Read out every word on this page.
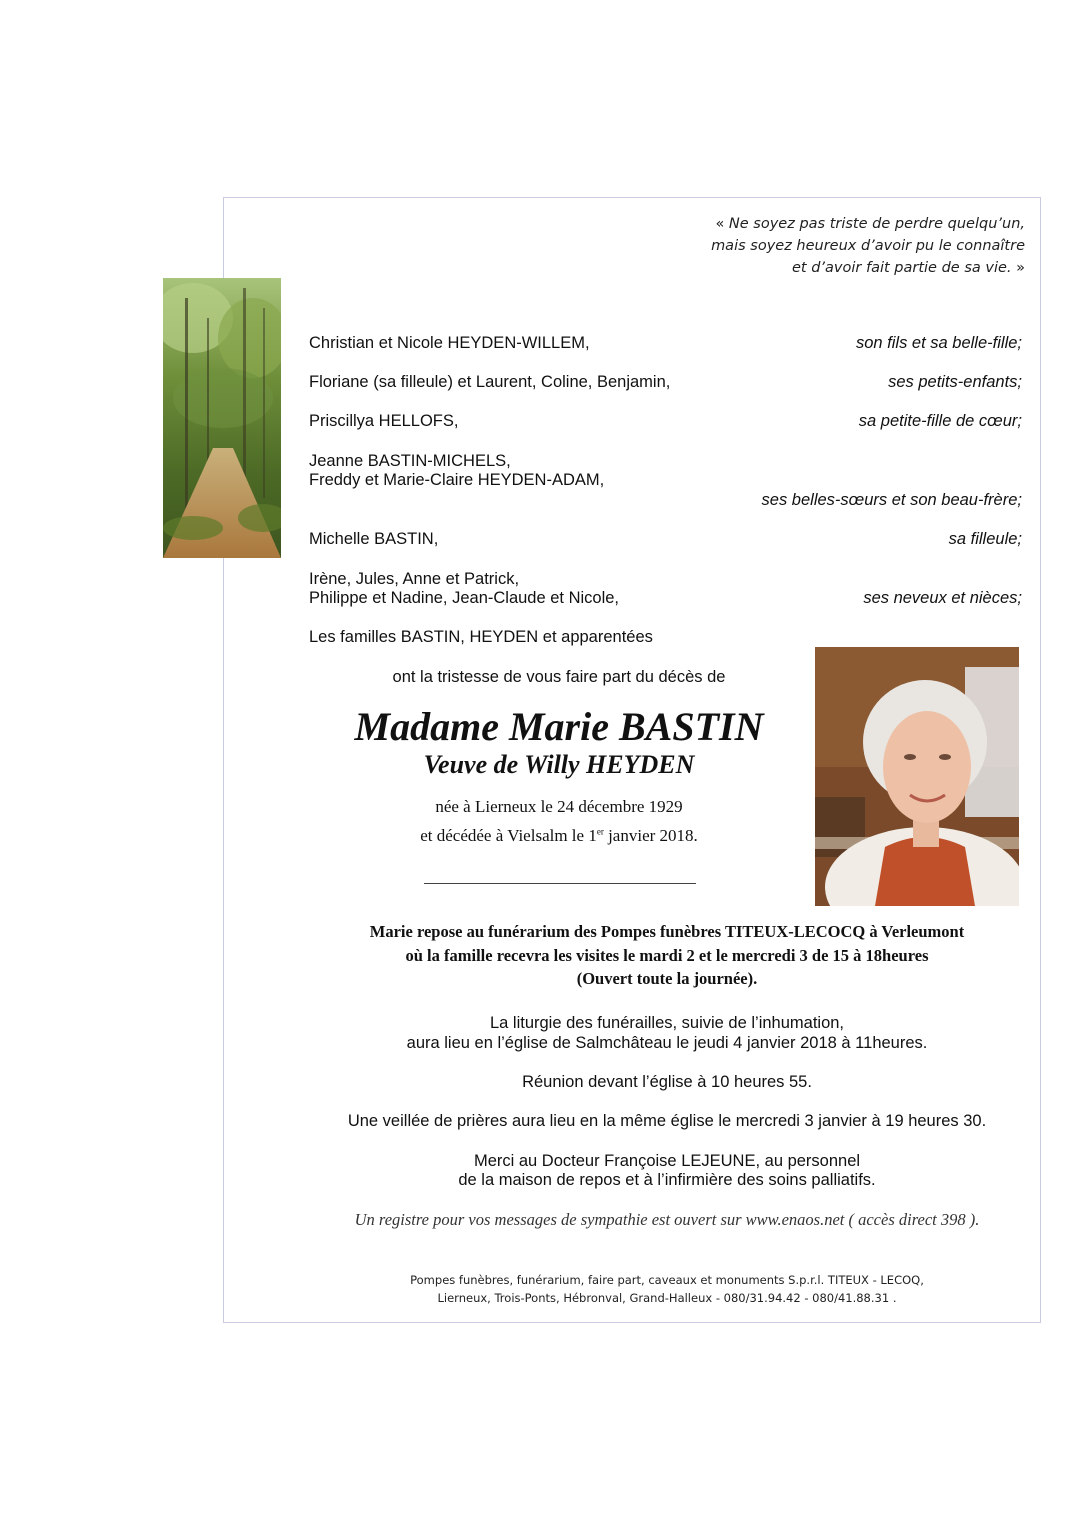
« Ne soyez pas triste de perdre quelqu’un,
mais soyez heureux d’avoir pu le connaître
et d’avoir fait partie de sa vie. »
Christian et Nicole HEYDEN-WILLEM,	son fils et sa belle-fille;
Floriane (sa filleule) et Laurent, Coline, Benjamin,	ses petits-enfants;
Priscillya HELLOFS,	sa petite-fille de cœur;
Jeanne BASTIN-MICHELS,
Freddy et Marie-Claire HEYDEN-ADAM,
ses belles-sœurs et son beau-frère;
Michelle BASTIN,	sa filleule;
Irène, Jules, Anne et Patrick,
Philippe et Nadine, Jean-Claude et Nicole,	ses neveux et nièces;
Les familles BASTIN, HEYDEN et apparentées
ont la tristesse de vous faire part du décès de
Madame Marie BASTIN
Veuve de Willy HEYDEN
née à Lierneux le 24 décembre 1929
et décédée à Vielsalm le 1er janvier 2018.
Marie repose au funérarium des Pompes funèbres TITEUX-LECOCQ à Verleumont
où la famille recevra les visites le mardi 2 et le mercredi 3 de 15 à 18heures
(Ouvert toute la journée).
La liturgie des funérailles, suivie de l’inhumation,
aura lieu en l’église de Salmchâteau le jeudi 4 janvier 2018 à 11heures.
Réunion devant l’église à 10 heures 55.
Une veillée de prières aura lieu en la même église le mercredi 3 janvier à 19 heures 30.
Merci au Docteur Françoise LEJEUNE, au personnel
de la maison de repos et à l’infirmière des soins palliatifs.
Un registre pour vos messages de sympathie est ouvert sur www.enaos.net ( accès direct 398 ).
Pompes funèbres, funérarium, faire part, caveaux et monuments S.p.r.l. TITEUX - LECOQ,
Lierneux, Trois-Ponts, Hébronval, Grand-Halleux - 080/31.94.42 - 080/41.88.31 .
